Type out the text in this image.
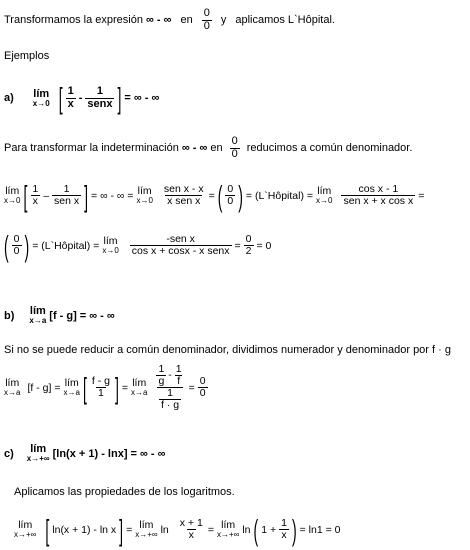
Transformamos la expresión ∞ - ∞ en $\frac{0}{0}$ y aplicamos L`Hôpital.
Ejemplos
a) lím
x→0 [ $\frac{1}{x} - \frac{1}{\text{senx}}$ ] = ∞ - ∞
Para transformar la indeterminación ∞ - ∞ en $\frac{0}{0}$ reducimos a común denominador.
lím
x→0 [ $\frac{1}{x} - \frac{1}{\text{sen x}}$ ] = ∞ - ∞ = lím
$x\to 0 \frac{\text{sen x - x}}{\text{x sen x}}$ = ( $\frac{0}{0}$ ) = (L`Hôpital) = lím
$x\to 0 \frac{\text{cos x - 1}}{\text{sen x + x cos x}}$ =
( $\frac{0}{0}$ ) = (L`Hôpital) = lím
$x\to 0 \frac{\text{-sen x}}{\text{cos x + cosx - x senx}} = \frac{0}{2} = 0$
b) lím
x→a [f - g] = ∞ - ∞
Si no se puede reducir a común denominador, dividimos numerador y denominador por f · g
lím
x→a [f - g] = lím
x→a [ $\frac{f - g}{1}$ ] = lím
$x\to a \frac{\frac{1}{g} - \frac{1}{f}}{\frac{1}{f \cdot g}} = \frac{0}{0}$
c) lím
x→+∞ [ln(x + 1) - lnx] = ∞ - ∞
Aplicamos las propiedades de los logaritmos.
lím
x→+∞ [ ln(x + 1) - ln x ] = lím
x→+∞ $\ln \frac{x + 1}{x}$ = lím
x→+∞ ln ( $1 + \frac{1}{x}$ ) = ln1 = 0
